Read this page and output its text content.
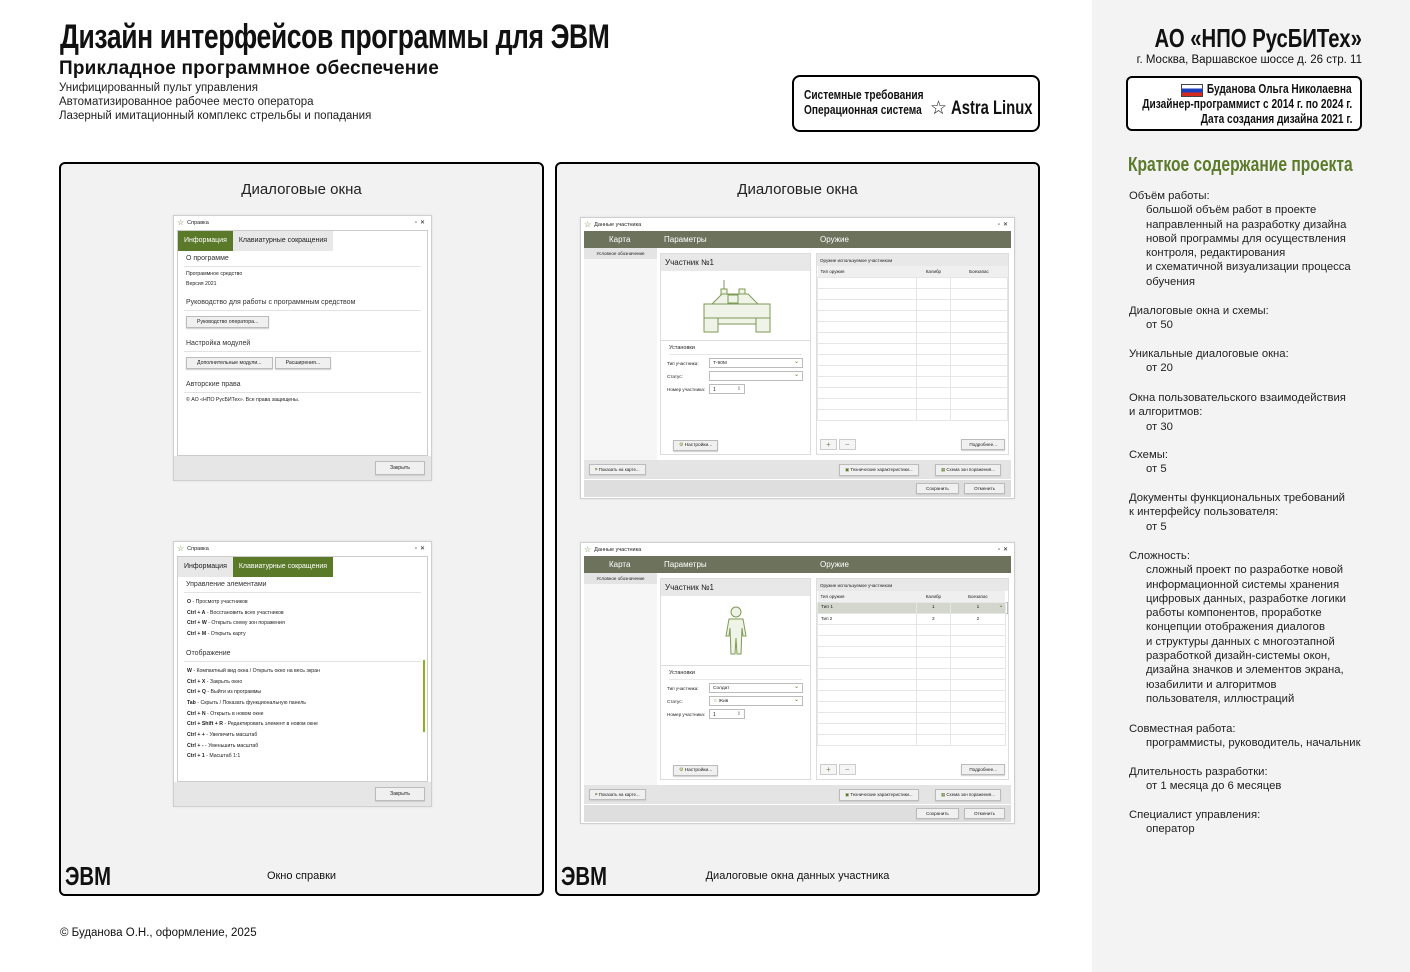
Дизайн интерфейсов программы для ЭВМ
Прикладное программное обеспечение
Унифицированный пульт управления
Автоматизированное рабочее место оператора
Лазерный имитационный комплекс стрельбы и попадания
Системные требования
Операционная система ☆ Astra Linux
Диалоговые окна
ЭВМ	Окно справки
☆ Справка	▫✕
Информация	Клавиатурные сокращения
О программе
Программное средство
Версия 2021
Руководство для работы с программным средством
Руководство оператора...
Настройка модулей
Дополнительные модули...	Расширения...
Авторские права
© АО «НПО РусБИТех». Все права защищены.
Закрыть
☆ Справка	▫✕
Информация	Клавиатурные сокращения
Управление элементами
O - Просмотр участников
Ctrl + A - Восстановить всех участников
Ctrl + W - Открыть схему зон поражения
Ctrl + M - Открыть карту
Отображение
W - Компактный вид окна / Открыть окно на весь экран
Ctrl + X - Закрыть окно
Ctrl + Q - Выйти из программы
Tab - Скрыть / Показать функциональную панель
Ctrl + N - Открыть в новом окне
Ctrl + Shift + R - Редактировать элемент в новом окне
Ctrl + + - Увеличить масштаб
Ctrl + - - Уменьшить масштаб
Ctrl + 1 - Масштаб 1:1
Закрыть
Диалоговые окна
ЭВМ	Диалоговые окна данных участника
☆ Данные участника	▫✕
Карта	Параметры	Оружие
Условное обозначение
Участник №1
Установки
Тип участника:	Т-90М ⌄
Статус:
⌄
Номер участника:	1 ⇕
⚙ Настройки...
Оружие используемое участником
Тип оружия	Калибр	Боезапас

+ −	Подробнее...
⌗ Показать на карте...	▣ Технические характеристики...	▦ Схема зон поражения...
Сохранить	Отменить
☆ Данные участника	▫✕
Карта	Параметры	Оружие
Условное обозначение
Участник №1
Установки
Тип участника:	Солдат ⌄
Статус:	☆ Жив ⌄
Номер участника:	1 ⇕
⚙ Настройки...
Оружие используемое участником
Тип оружия	Калибр	Боезапас
Тип 1	1	1	⌄
Тип 2	2	2

+ −	Подробнее...
⌗ Показать на карте...	▣ Технические характеристики...	▦ Схема зон поражения...
Сохранить	Отменить
АО «НПО РусБИТех»
г. Москва, Варшавское шоссе д. 26 стр. 11
Буданова Ольга Николаевна
Дизайнер-программист с 2014 г. по 2024 г.
Дата создания дизайна 2021 г.
Краткое содержание проекта
Объём работы:
большой объём работ в проекте
направленный на разработку дизайна
новой программы для осуществления
контроля, редактирования
и схематичной визуализации процесса
обучения
Диалоговые окна и схемы:
от 50
Уникальные диалоговые окна:
от 20
Окна пользовательского взаимодействия
и алгоритмов:
от 30
Схемы:
от 5
Документы функциональных требований
к интерфейсу пользователя:
от 5
Сложность:
сложный проект по разработке новой
информационной системы хранения
цифровых данных, разработке логики
работы компонентов, проработке
концепции отображения диалогов
и структуры данных с многоэтапной
разработкой дизайн-системы окон,
дизайна значков и элементов экрана,
юзабилити и алгоритмов
пользователя, иллюстраций
Совместная работа:
программисты, руководитель, начальник
Длительность разработки:
от 1 месяца до 6 месяцев
Специалист управления:
оператор
© Буданова О.Н., оформление, 2025
